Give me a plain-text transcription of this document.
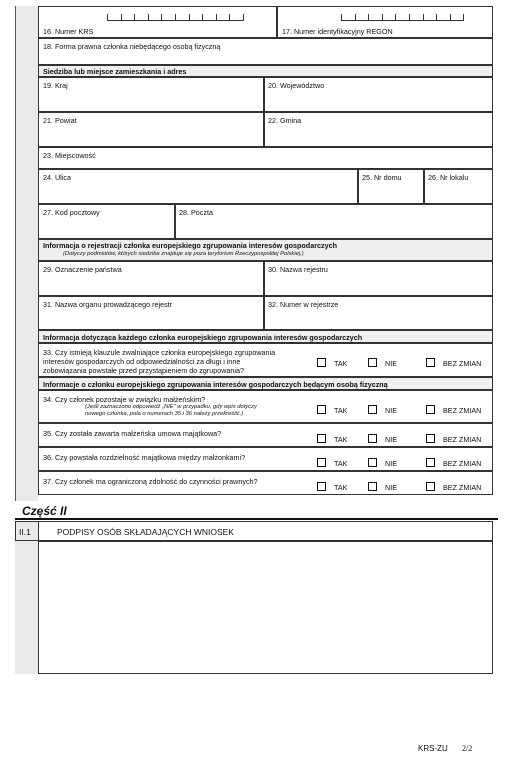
16. Numer KRS	17. Numer identyfikacyjny REGON
18. Forma prawna członka niebędącego osobą fizyczną
Siedziba lub miejsce zamieszkania i adres
19. Kraj	20. Województwo
21. Powiat	22. Gmina
23. Miejscowość
24. Ulica	25. Nr domu	26. Nr lokalu
27. Kod pocztowy	28. Poczta
Informacja o rejestracji członka europejskiego zgrupowania interesów gospodarczych
(Dotyczy podmiotów, których siedziba znajduje się poza terytorium Rzeczypospolitej Polskiej.)
29. Oznaczenie państwa	30. Nazwa rejestru
31. Nazwa organu prowadzącego rejestr	32. Numer w rejestrze
Informacja dotycząca każdego członka europejskiego zgrupowania interesów gospodarczych
33. Czy istnieją klauzule zwalniające członka europejskiego zgrupowania
interesów gospodarczych od odpowiedzialności za długi i inne
zobowiązania powstałe przed przystąpieniem do zgrupowania?
TAK	NIE	BEZ ZMIAN
Informacje o członku europejskiego zgrupowania interesów gospodarczych będącym osobą fizyczną
34. Czy członek pozostaje w związku małżeńskim?
(Jeśli zaznaczono odpowiedź „NIE" w przypadku, gdy wpis dotyczy
nowego członka, pola o numerach 35 i 36 należy przekreślić.)	TAK	NIE	BEZ ZMIAN
35. Czy została zawarta małżeńska umowa majątkowa?
TAK	NIE	BEZ ZMIAN
36. Czy powstała rozdzielność majątkowa między małżonkami?
TAK	NIE	BEZ ZMIAN
37. Czy członek ma ograniczoną zdolność do czynności prawnych?
TAK	NIE	BEZ ZMIAN
Część II
II.1	PODPISY OSÓB SKŁADAJĄCYCH WNIOSEK
KRS-ZU 2/2
